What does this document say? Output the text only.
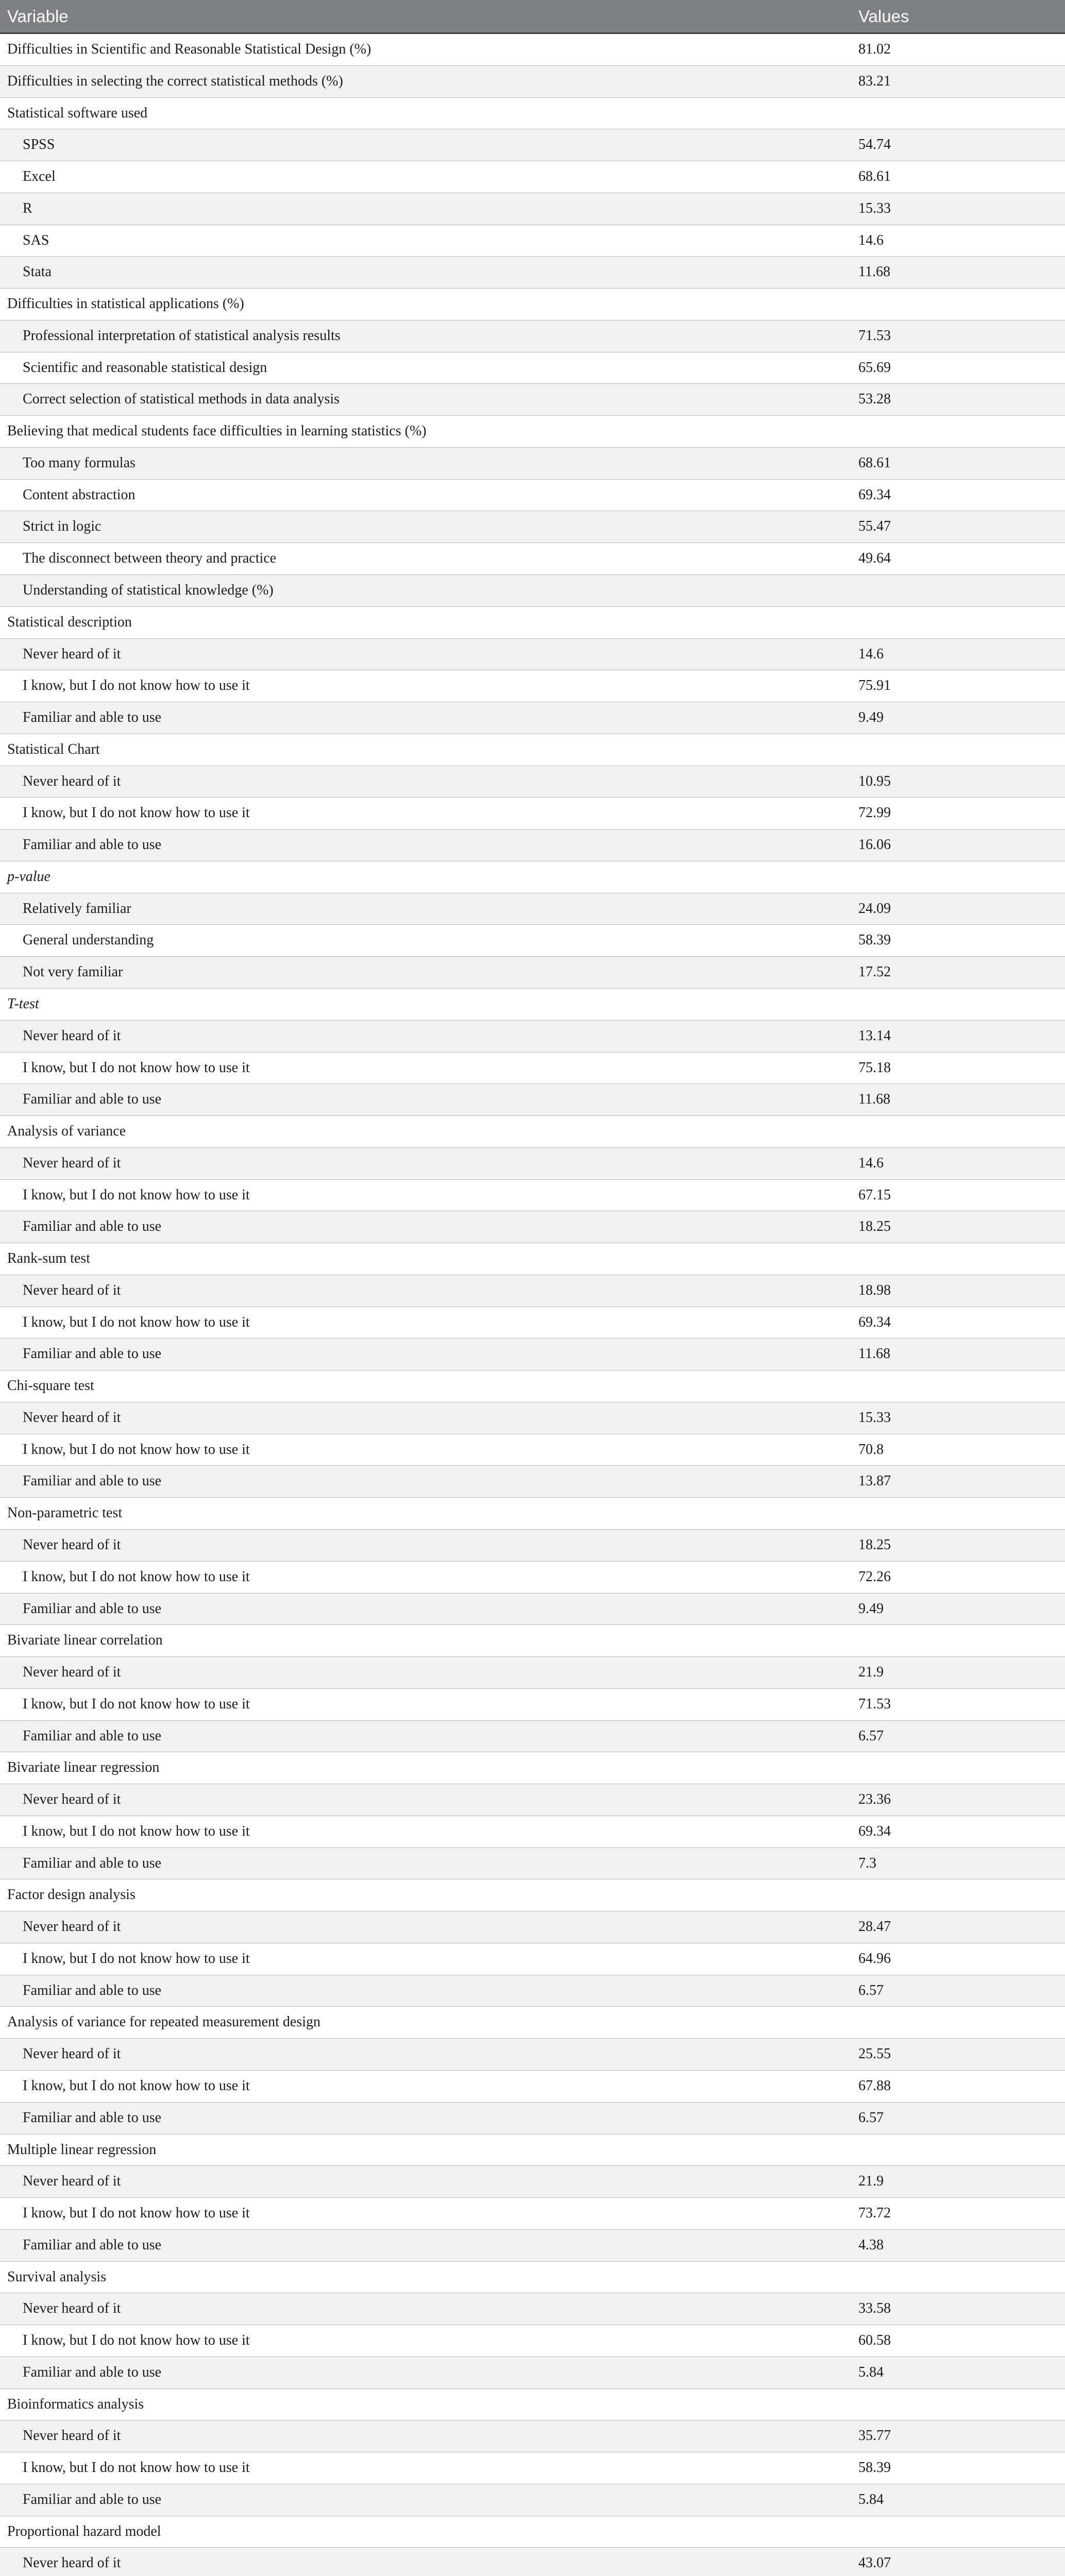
Variable	Values
Difficulties in Scientific and Reasonable Statistical Design (%)	81.02
Difficulties in selecting the correct statistical methods (%)	83.21
Statistical software used
SPSS	54.74
Excel	68.61
R	15.33
SAS	14.6
Stata	11.68
Difficulties in statistical applications (%)
Professional interpretation of statistical analysis results	71.53
Scientific and reasonable statistical design	65.69
Correct selection of statistical methods in data analysis	53.28
Believing that medical students face difficulties in learning statistics (%)
Too many formulas	68.61
Content abstraction	69.34
Strict in logic	55.47
The disconnect between theory and practice	49.64
Understanding of statistical knowledge (%)
Statistical description
Never heard of it	14.6
I know, but I do not know how to use it	75.91
Familiar and able to use	9.49
Statistical Chart
Never heard of it	10.95
I know, but I do not know how to use it	72.99
Familiar and able to use	16.06
p-value
Relatively familiar	24.09
General understanding	58.39
Not very familiar	17.52
T-test
Never heard of it	13.14
I know, but I do not know how to use it	75.18
Familiar and able to use	11.68
Analysis of variance
Never heard of it	14.6
I know, but I do not know how to use it	67.15
Familiar and able to use	18.25
Rank-sum test
Never heard of it	18.98
I know, but I do not know how to use it	69.34
Familiar and able to use	11.68
Chi-square test
Never heard of it	15.33
I know, but I do not know how to use it	70.8
Familiar and able to use	13.87
Non-parametric test
Never heard of it	18.25
I know, but I do not know how to use it	72.26
Familiar and able to use	9.49
Bivariate linear correlation
Never heard of it	21.9
I know, but I do not know how to use it	71.53
Familiar and able to use	6.57
Bivariate linear regression
Never heard of it	23.36
I know, but I do not know how to use it	69.34
Familiar and able to use	7.3
Factor design analysis
Never heard of it	28.47
I know, but I do not know how to use it	64.96
Familiar and able to use	6.57
Analysis of variance for repeated measurement design
Never heard of it	25.55
I know, but I do not know how to use it	67.88
Familiar and able to use	6.57
Multiple linear regression
Never heard of it	21.9
I know, but I do not know how to use it	73.72
Familiar and able to use	4.38
Survival analysis
Never heard of it	33.58
I know, but I do not know how to use it	60.58
Familiar and able to use	5.84
Bioinformatics analysis
Never heard of it	35.77
I know, but I do not know how to use it	58.39
Familiar and able to use	5.84
Proportional hazard model
Never heard of it	43.07
